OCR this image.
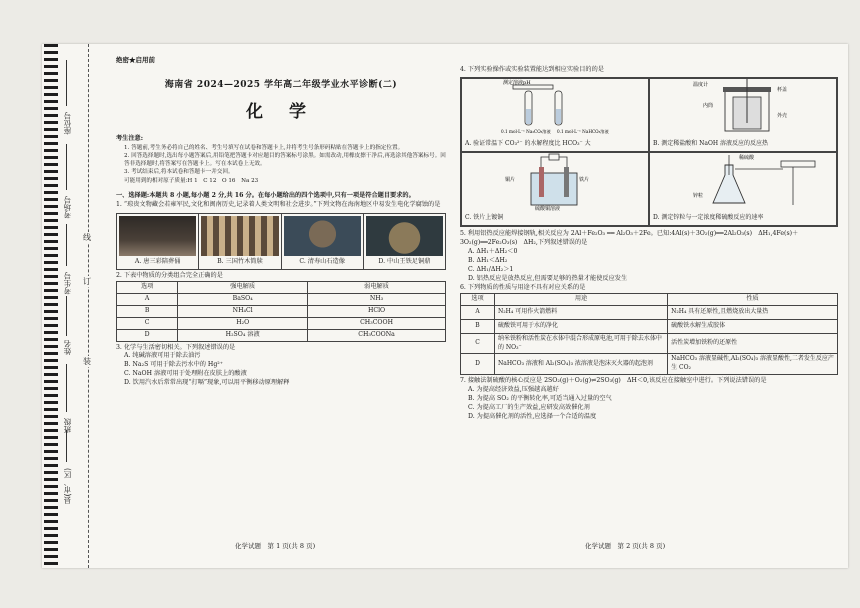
座位号
考场号
考生号
姓名
班级
县(市、区)
线
订
装
绝密★启用前
海南省 2024—2025 学年高二年级学业水平诊断(二)
化 学
考生注意:
1. 答题前,考生务必将自己的姓名、考生号填写在试卷和答题卡上,并将考生号条形码粘贴在答题卡上的指定位置。
2. 回答选择题时,选出每小题答案后,用铅笔把答题卡对应题目的答案标号涂黑。如需改动,用橡皮擦干净后,再选涂其他答案标号。回答非选择题时,将答案写在答题卡上。写在本试卷上无效。
3. 考试结束后,将本试卷和答题卡一并交回。
可能用到的相对原子质量:H 1　C 12　O 16　Na 23
一、选择题:本题共 8 小题,每小题 2 分,共 16 分。在每小题给出的四个选项中,只有一项是符合题目要求的。
1. “琼贵文物藏会若雍军民,文化和闽南历史,记录着人类文明和社会进步。”下列文物在海南地区中易发生电化学腐蚀的是
A. 唐三彩陪葬俑	B. 三国竹木简牍	C. 清寿山石造像	D. 中山王铁足铜鼎
2. 下表中物质的分类组合完全正确的是
选项	强电解质	弱电解质
A	BaSO₄	NH₃
B	NH₄Cl	HClO
C	H₂O	CH₃COOH
D	H₂SO₄ 溶液	CH₃COONa
3. 化学与生活密切相关。下列叙述错误的是
A. 纯碱溶液可用于除去油污
B. Na₂S 可用于除去污水中的 Hg²⁺
C. NaOH 溶液可用于处理附在皮肤上的酸液
D. 饮用汽水后常常出现“打嗝”现象,可以用平衡移动原理解释
化学试题　第 1 页(共 8 页)
4. 下列实验操作或实验装置能达到相应实验目的的是
测定溶液pH
0.1 mol·L⁻¹ Na₂CO₃溶液 0.1 mol·L⁻¹ NaHCO₃溶液
A. 验证常温下 CO₃²⁻ 的水解程度比 HCO₃⁻ 大
温度计
内筒
杯盖
外壳
B. 测定稀盐酸和 NaOH 溶液反应的反应热
铜片	铁片
硫酸铜溶液
C. 铁片上镀铜
稀硫酸
锌粒
D. 测定锌粒与一定浓度稀硫酸反应的速率
5. 利用铝热反应能焊接钢轨,相关反应为 2Al＋Fe₂O₃ ══ Al₂O₃＋2Fe。已知:4Al(s)＋3O₂(g)══2Al₂O₃(s)　ΔH₁,4Fe(s)＋3O₂(g)══2Fe₂O₃(s)　ΔH₂,下列叙述错误的是
A. ΔH₁＋ΔH₂＜0
B. ΔH₁＜ΔH₂
C. ΔH₁/ΔH₂＞1
D. 铝热反应是放热反应,但需要足够的热量才能使反应发生
6. 下列物质的性质与用途不具有对应关系的是
选项	用途	性质
A	N₂H₄ 可用作火箭燃料	N₂H₄ 具有还原性,且燃烧放出大量热
B	硫酸铁可用于水的净化	硫酸铁水解生成胶体
C	纳米铁粉和活性炭在水体中混合形成原电池,可用于除去水体中的 NO₃⁻	活性炭增加铁粉的还原性
D	NaHCO₃ 溶液和 Al₂(SO₄)₃ 浓溶液是泡沫灭火器的起泡剂	NaHCO₃ 溶液显碱性,Al₂(SO₄)₃ 溶液显酸性,二者发生反应产生 CO₂
7. 接触法制硫酸的核心反应是 2SO₂(g)＋O₂(g)⇌2SO₃(g)　ΔH＜0,该反应在接触室中进行。下列说法错误的是
A. 为提高经济效益,压强越高越好
B. 为提高 SO₂ 的平衡转化率,可适当通入过量的空气
C. 为提高工厂的生产效益,应研发高效催化剂
D. 为提高催化剂的活性,应选择一个合适的温度
化学试题　第 2 页(共 8 页)
